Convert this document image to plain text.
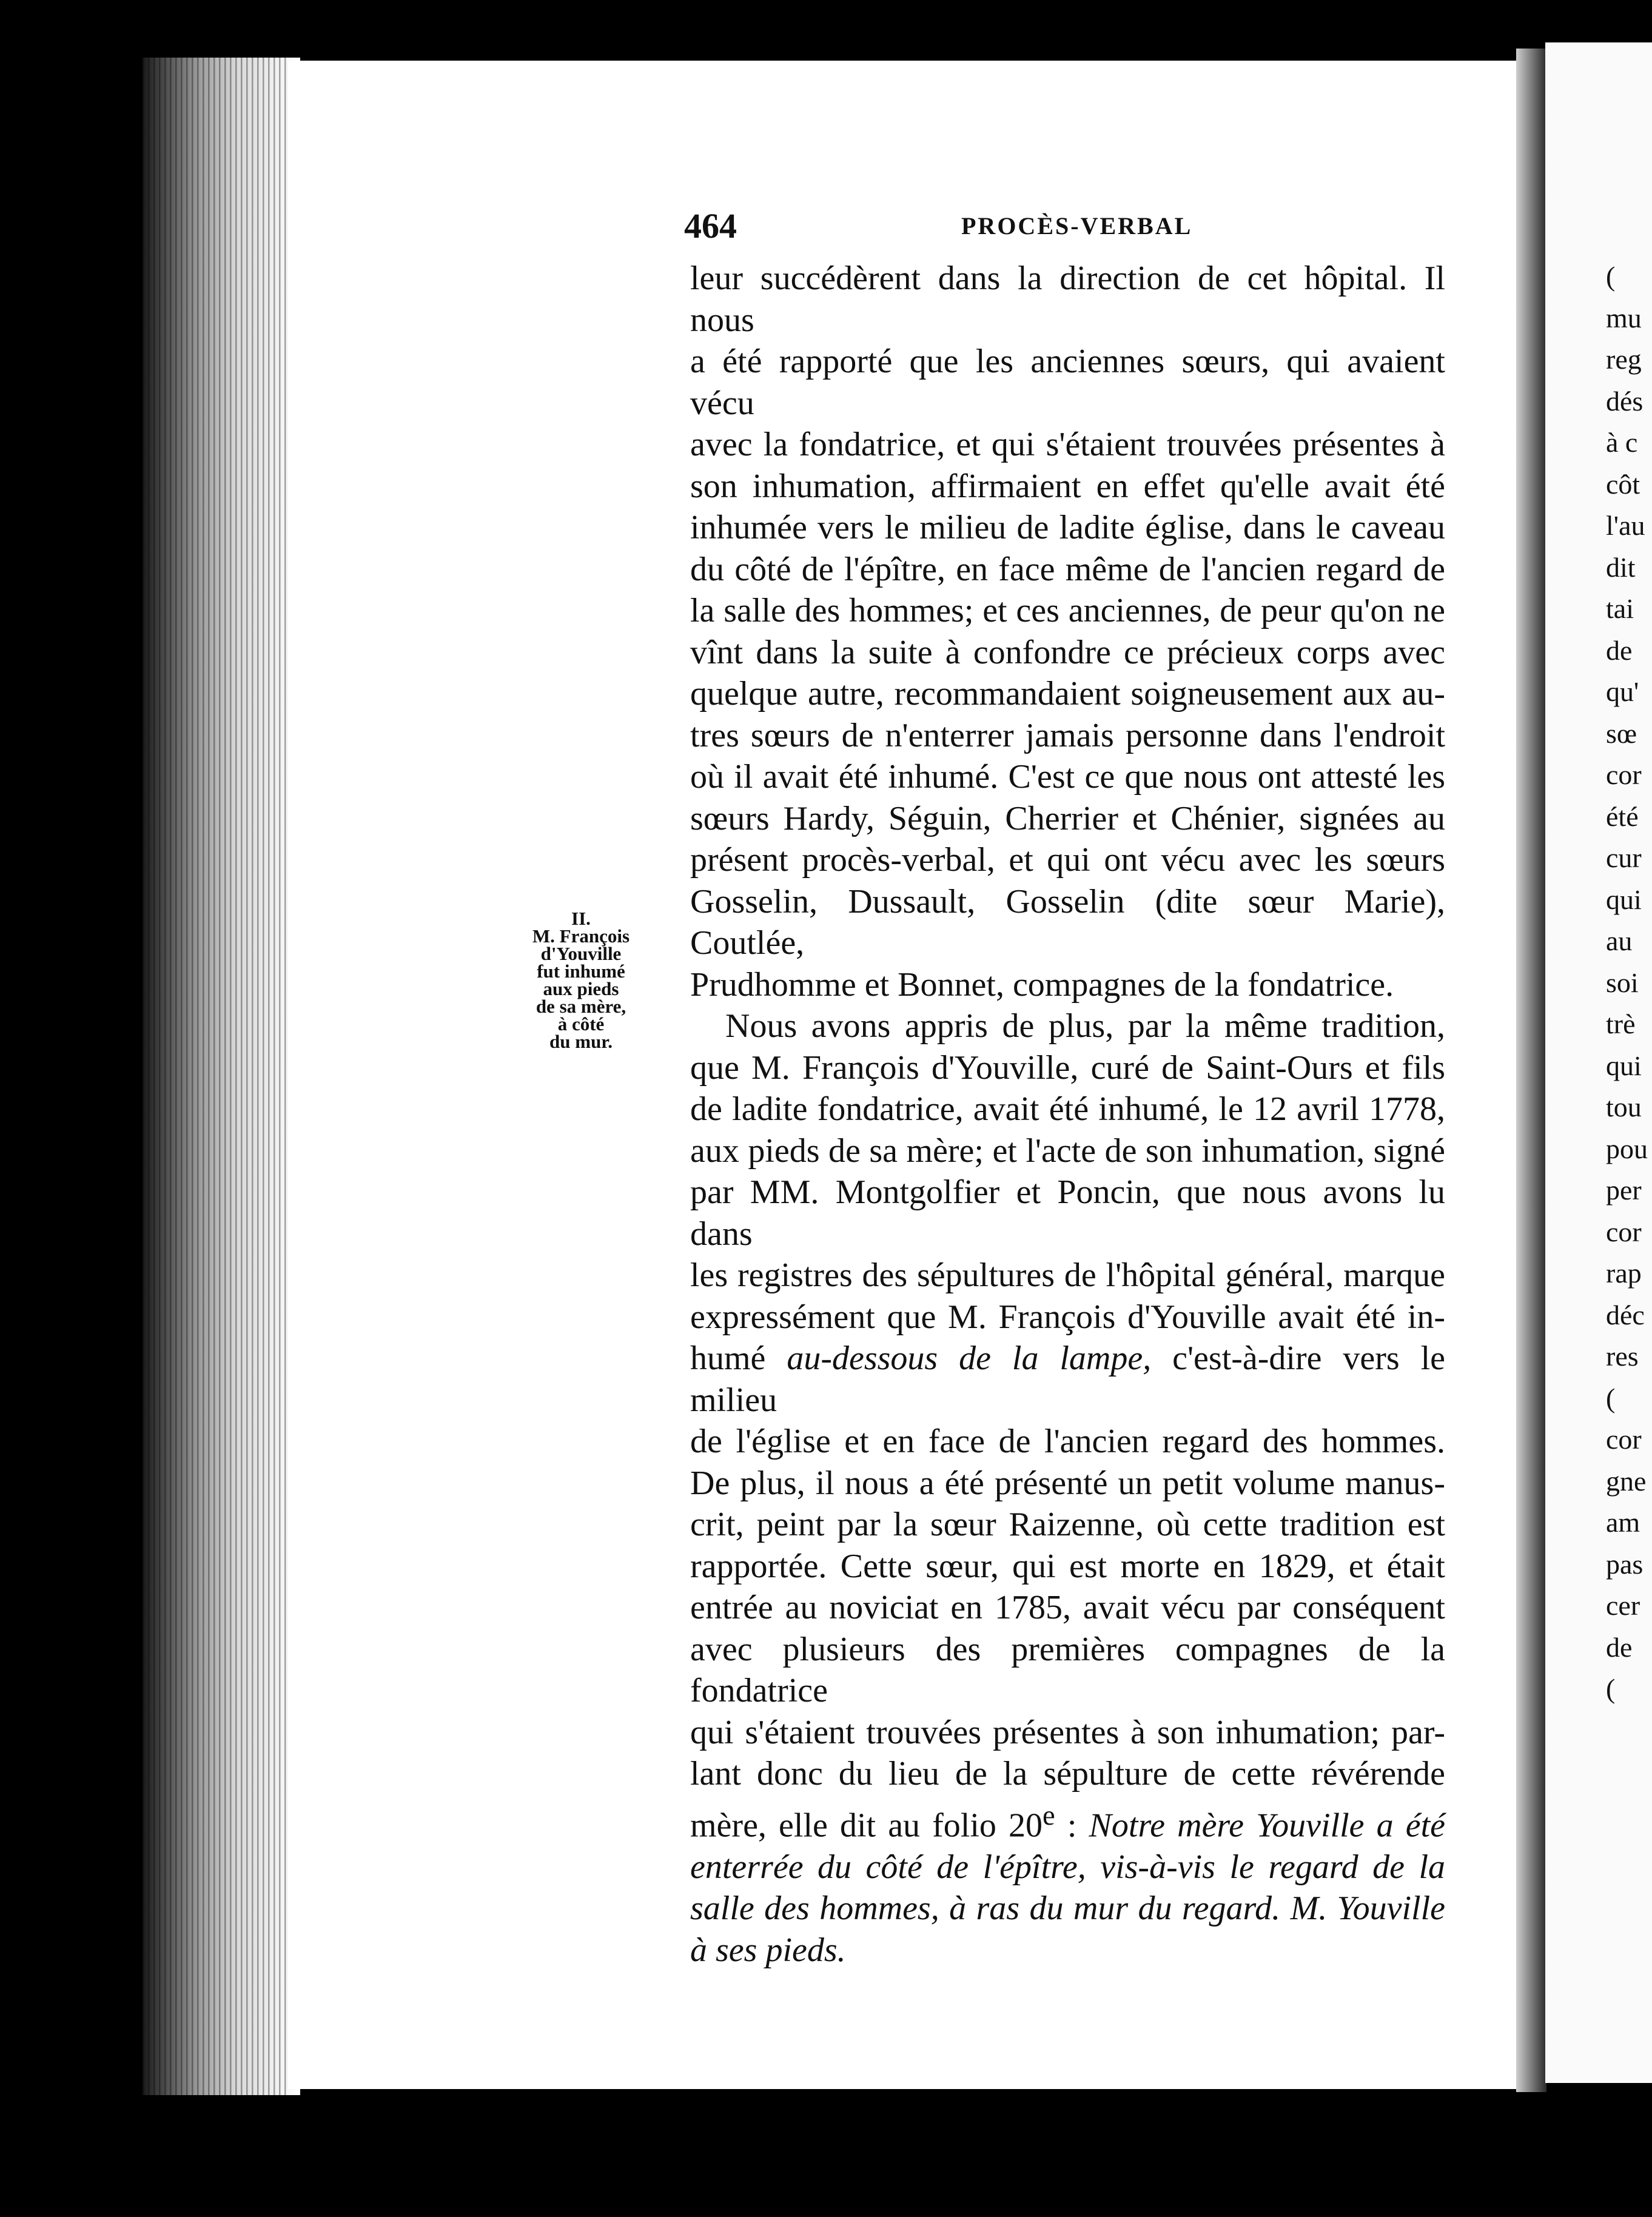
464	PROCÈS-VERBAL
II.
M. François
d'Youville
fut inhumé
aux pieds
de sa mère,
à côté
du mur.

leur succédèrent dans la direction de cet hôpital. Il nous

a été rapporté que les anciennes sœurs, qui avaient vécu

avec la fondatrice, et qui s'étaient trouvées présentes à

son inhumation, affirmaient en effet qu'elle avait été

inhumée vers le milieu de ladite église, dans le caveau

du côté de l'épître, en face même de l'ancien regard de

la salle des hommes; et ces anciennes, de peur qu'on ne

vînt dans la suite à confondre ce précieux corps avec

quelque autre, recommandaient soigneusement aux au-

tres sœurs de n'enterrer jamais personne dans l'endroit

où il avait été inhumé. C'est ce que nous ont attesté les

sœurs Hardy, Séguin, Cherrier et Chénier, signées au

présent procès-verbal, et qui ont vécu avec les sœurs

Gosselin, Dussault, Gosselin (dite sœur Marie), Coutlée,

Prudhomme et Bonnet, compagnes de la fondatrice.

Nous avons appris de plus, par la même tradition,

que M. François d'Youville, curé de Saint-Ours et fils

de ladite fondatrice, avait été inhumé, le 12 avril 1778,

aux pieds de sa mère; et l'acte de son inhumation, signé

par MM. Montgolfier et Poncin, que nous avons lu dans

les registres des sépultures de l'hôpital général, marque

expressément que M. François d'Youville avait été in-

humé au-dessous de la lampe, c'est-à-dire vers le milieu

de l'église et en face de l'ancien regard des hommes.

De plus, il nous a été présenté un petit volume manus-

crit, peint par la sœur Raizenne, où cette tradition est

rapportée. Cette sœur, qui est morte en 1829, et était

entrée au noviciat en 1785, avait vécu par conséquent

avec plusieurs des premières compagnes de la fondatrice

qui s'étaient trouvées présentes à son inhumation; par-

lant donc du lieu de la sépulture de cette révérende

mère, elle dit au folio 20e : Notre mère Youville a été

enterrée du côté de l'épître, vis-à-vis le regard de la

salle des hommes, à ras du mur du regard. M. Youville

à ses pieds.

(
mu
reg
dés
à c
côt
l'au
dit
tai
de
qu'
sœ
cor
été
cur
qui
au
soi
trè
qui
tou
pou
per
cor
rap
déc
res
(
cor
gne
am
pas
cer
de
(
